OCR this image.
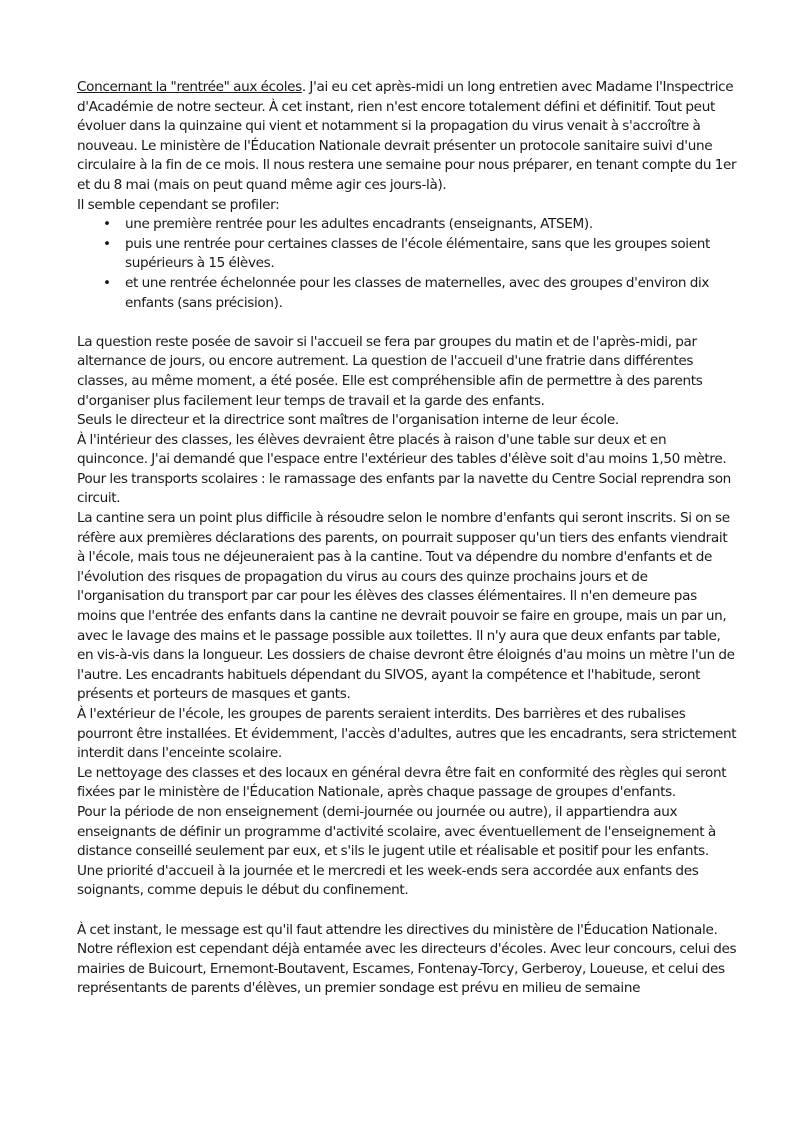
Concernant la "rentrée" aux écoles. J'ai eu cet après-midi un long entretien avec Madame l'Inspectrice d'Académie de notre secteur. À cet instant, rien n'est encore totalement défini et définitif. Tout peut évoluer dans la quinzaine qui vient et notamment si la propagation du virus venait à s'accroître à nouveau. Le ministère de l'Éducation Nationale devrait présenter un protocole sanitaire suivi d'une circulaire à la fin de ce mois. Il nous restera une semaine pour nous préparer, en tenant compte du 1er et du 8 mai (mais on peut quand même agir ces jours-là).

Il semble cependant se profiler:

• une première rentrée pour les adultes encadrants (enseignants, ATSEM).
• puis une rentrée pour certaines classes de l'école élémentaire, sans que les groupes soient supérieurs à 15 élèves.
• et une rentrée échelonnée pour les classes de maternelles, avec des groupes d'environ dix enfants (sans précision).

La question reste posée de savoir si l'accueil se fera par groupes du matin et de l'après-midi, par alternance de jours, ou encore autrement. La question de l'accueil d'une fratrie dans différentes classes, au même moment, a été posée. Elle est compréhensible afin de permettre à des parents d'organiser plus facilement leur temps de travail et la garde des enfants.

Seuls le directeur et la directrice sont maîtres de l'organisation interne de leur école.

À l'intérieur des classes, les élèves devraient être placés à raison d'une table sur deux et en quinconce. J'ai demandé que l'espace entre l'extérieur des tables d'élève soit d'au moins 1,50 mètre.

Pour les transports scolaires : le ramassage des enfants par la navette du Centre Social reprendra son circuit.

La cantine sera un point plus difficile à résoudre selon le nombre d'enfants qui seront inscrits. Si on se réfère aux premières déclarations des parents, on pourrait supposer qu'un tiers des enfants viendrait à l'école, mais tous ne déjeuneraient pas à la cantine. Tout va dépendre du nombre d'enfants et de l'évolution des risques de propagation du virus au cours des quinze prochains jours et de l'organisation du transport par car pour les élèves des classes élémentaires. Il n'en demeure pas moins que l'entrée des enfants dans la cantine ne devrait pouvoir se faire en groupe, mais un par un, avec le lavage des mains et le passage possible aux toilettes. Il n'y aura que deux enfants par table, en vis-à-vis dans la longueur. Les dossiers de chaise devront être éloignés d'au moins un mètre l'un de l'autre. Les encadrants habituels dépendant du SIVOS, ayant la compétence et l'habitude, seront présents et porteurs de masques et gants.

À l'extérieur de l'école, les groupes de parents seraient interdits. Des barrières et des rubalises pourront être installées. Et évidemment, l'accès d'adultes, autres que les encadrants, sera strictement interdit dans l'enceinte scolaire.

Le nettoyage des classes et des locaux en général devra être fait en conformité des règles qui seront fixées par le ministère de l'Éducation Nationale, après chaque passage de groupes d'enfants.

Pour la période de non enseignement (demi-journée ou journée ou autre), il appartiendra aux enseignants de définir un programme d'activité scolaire, avec éventuellement de l'enseignement à distance conseillé seulement par eux, et s'ils le jugent utile et réalisable et positif pour les enfants.

Une priorité d'accueil à la journée et le mercredi et les week-ends sera accordée aux enfants des soignants, comme depuis le début du confinement.

À cet instant, le message est qu'il faut attendre les directives du ministère de l'Éducation Nationale.

Notre réflexion est cependant déjà entamée avec les directeurs d'écoles. Avec leur concours, celui des mairies de Buicourt, Ernemont-Boutavent, Escames, Fontenay-Torcy, Gerberoy, Loueuse, et celui des représentants de parents d'élèves, un premier sondage est prévu en milieu de semaine
